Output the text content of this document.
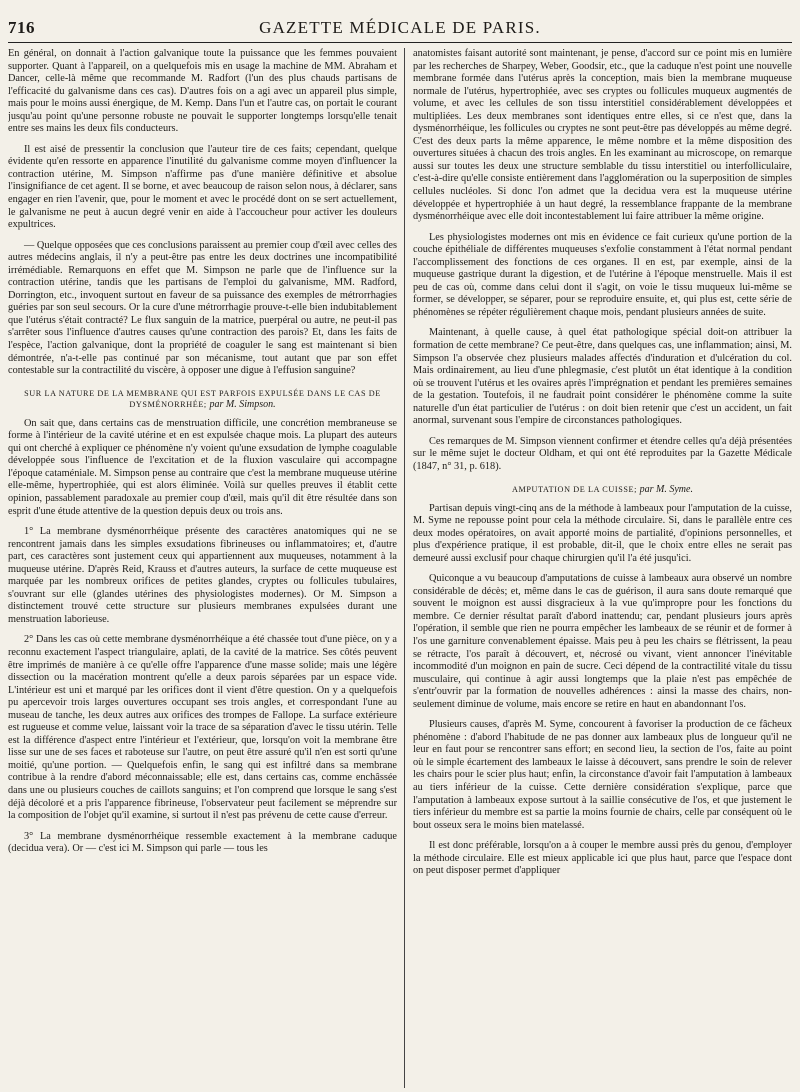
716	GAZETTE MÉDICALE DE PARIS.

En général, on donnait à l'action galvanique toute la puissance que les femmes pouvaient supporter. Quant à l'appareil, on a quelquefois mis en usage la machine de MM. Abraham et Dancer, celle-là même que recommande M. Radfort (l'un des plus chauds partisans de l'efficacité du galvanisme dans ces cas). D'autres fois on a agi avec un appareil plus simple, mais pour le moins aussi énergique, de M. Kemp. Dans l'un et l'autre cas, on portait le courant jusqu'au point qu'une personne robuste ne pouvait le supporter longtemps lorsqu'elle tenait entre ses mains les deux fils conducteurs.

Il est aisé de pressentir la conclusion que l'auteur tire de ces faits; cependant, quelque évidente qu'en ressorte en apparence l'inutilité du galvanisme comme moyen d'influencer la contraction utérine, M. Simpson n'affirme pas d'une manière définitive et absolue l'insignifiance de cet agent. Il se borne, et avec beaucoup de raison selon nous, à déclarer, sans engager en rien l'avenir, que, pour le moment et avec le procédé dont on se sert actuellement, le galvanisme ne peut à aucun degré venir en aide à l'accoucheur pour activer les douleurs expultrices.

— Quelque opposées que ces conclusions paraissent au premier coup d'œil avec celles des autres médecins anglais, il n'y a peut-être pas entre les deux doctrines une incompatibilité irrémédiable. Remarquons en effet que M. Simpson ne parle que de l'influence sur la contraction utérine, tandis que les partisans de l'emploi du galvanisme, MM. Radford, Dorrington, etc., invoquent surtout en faveur de sa puissance des exemples de métrorrhagies guéries par son seul secours. Or la cure d'une métrorrhagie prouve-t-elle bien indubitablement que l'utérus s'était contracté? Le flux sanguin de la matrice, puerpéral ou autre, ne peut-il pas s'arrêter sous l'influence d'autres causes qu'une contraction des parois? Et, dans les faits de l'espèce, l'action galvanique, dont la propriété de coaguler le sang est maintenant si bien démontrée, n'a-t-elle pas continué par son mécanisme, tout autant que par son effet contestable sur la contractilité du viscère, à opposer une digue à l'effusion sanguine?

SUR LA NATURE DE LA MEMBRANE QUI EST PARFOIS EXPULSÉE DANS LE CAS DE DYSMÉNORRHÉE; par M. Simpson.

On sait que, dans certains cas de menstruation difficile, une concrétion membraneuse se forme à l'intérieur de la cavité utérine et en est expulsée chaque mois. La plupart des auteurs qui ont cherché à expliquer ce phénomène n'y voient qu'une exsudation de lymphe coagulable développée sous l'influence de l'excitation et de la fluxion vasculaire qui accompagne l'époque cataméniale. M. Simpson pense au contraire que c'est la membrane muqueuse utérine elle-même, hypertrophiée, qui est alors éliminée. Voilà sur quelles preuves il établit cette opinion, passablement paradoxale au premier coup d'œil, mais qu'il dit être résultée dans son esprit d'une étude attentive de la question depuis deux ou trois ans.

1° La membrane dysménorrhéique présente des caractères anatomiques qui ne se rencontrent jamais dans les simples exsudations fibrineuses ou inflammatoires; et, d'autre part, ces caractères sont justement ceux qui appartiennent aux muqueuses, notamment à la muqueuse utérine. D'après Reid, Krauss et d'autres auteurs, la surface de cette muqueuse est marquée par les nombreux orifices de petites glandes, cryptes ou follicules tubulaires, s'ouvrant sur elle (glandes utérines des physiologistes modernes). Or M. Simpson a distinctement trouvé cette structure sur plusieurs membranes expulsées durant une menstruation laborieuse.

2° Dans les cas où cette membrane dysménorrhéique a été chassée tout d'une pièce, on y a reconnu exactement l'aspect triangulaire, aplati, de la cavité de la matrice. Ses côtés peuvent être imprimés de manière à ce qu'elle offre l'apparence d'une masse solide; mais une légère dissection ou la macération montrent qu'elle a deux parois séparées par un espace vide. L'intérieur est uni et marqué par les orifices dont il vient d'être question. On y a quelquefois pu apercevoir trois larges ouvertures occupant ses trois angles, et correspondant l'une au museau de tanche, les deux autres aux orifices des trompes de Fallope. La surface extérieure est rugueuse et comme velue, laissant voir la trace de sa séparation d'avec le tissu utérin. Telle est la différence d'aspect entre l'intérieur et l'extérieur, que, lorsqu'on voit la membrane être lisse sur une de ses faces et raboteuse sur l'autre, on peut être assuré qu'il n'en est sorti qu'une moitié, qu'une portion. — Quelquefois enfin, le sang qui est infiltré dans sa membrane contribue à la rendre d'abord méconnaissable; elle est, dans certains cas, comme enchâssée dans une ou plusieurs couches de caillots sanguins; et l'on comprend que lorsque le sang s'est déjà décoloré et a pris l'apparence fibrineuse, l'observateur peut facilement se méprendre sur la composition de l'objet qu'il examine, si surtout il n'est pas prévenu de cette cause d'erreur.

3° La membrane dysménorrhéique ressemble exactement à la membrane caduque (decidua vera). Or — c'est ici M. Simpson qui parle — tous les

anatomistes faisant autorité sont maintenant, je pense, d'accord sur ce point mis en lumière par les recherches de Sharpey, Weber, Goodsir, etc., que la caduque n'est point une nouvelle membrane formée dans l'utérus après la conception, mais bien la membrane muqueuse normale de l'utérus, hypertrophiée, avec ses cryptes ou follicules muqueux augmentés de volume, et avec les cellules de son tissu interstitiel considérablement développées et multipliées. Les deux membranes sont identiques entre elles, si ce n'est que, dans la dysménorrhéique, les follicules ou cryptes ne sont peut-être pas développés au même degré. C'est des deux parts la même apparence, le même nombre et la même disposition des ouvertures situées à chacun des trois angles. En les examinant au microscope, on remarque aussi sur toutes les deux une structure semblable du tissu interstitiel ou interfolliculaire, c'est-à-dire qu'elle consiste entièrement dans l'agglomération ou la superposition de simples cellules nucléoles. Si donc l'on admet que la decidua vera est la muqueuse utérine développée et hypertrophiée à un haut degré, la ressemblance frappante de la membrane dysménorrhéique avec elle doit incontestablement lui faire attribuer la même origine.

Les physiologistes modernes ont mis en évidence ce fait curieux qu'une portion de la couche épithéliale de différentes muqueuses s'exfolie constamment à l'état normal pendant l'accomplissement des fonctions de ces organes. Il en est, par exemple, ainsi de la muqueuse gastrique durant la digestion, et de l'utérine à l'époque menstruelle. Mais il est peu de cas où, comme dans celui dont il s'agit, on voie le tissu muqueux lui-même se former, se développer, se séparer, pour se reproduire ensuite, et, qui plus est, cette série de phénomènes se répéter régulièrement chaque mois, pendant plusieurs années de suite.

Maintenant, à quelle cause, à quel état pathologique spécial doit-on attribuer la formation de cette membrane? Ce peut-être, dans quelques cas, une inflammation; ainsi, M. Simpson l'a observée chez plusieurs malades affectés d'induration et d'ulcération du col. Mais ordinairement, au lieu d'une phlegmasie, c'est plutôt un état identique à la condition où se trouvent l'utérus et les ovaires après l'imprégnation et pendant les premières semaines de la gestation. Toutefois, il ne faudrait point considérer le phénomène comme la suite naturelle d'un état particulier de l'utérus : on doit bien retenir que c'est un accident, un fait anormal, survenant sous l'empire de circonstances pathologiques.

Ces remarques de M. Simpson viennent confirmer et étendre celles qu'a déjà présentées sur le même sujet le docteur Oldham, et qui ont été reproduites par la Gazette Médicale (1847, n° 31, p. 618).

AMPUTATION DE LA CUISSE; par M. Syme.

Partisan depuis vingt-cinq ans de la méthode à lambeaux pour l'amputation de la cuisse, M. Syme ne repousse point pour cela la méthode circulaire. Si, dans le parallèle entre ces deux modes opératoires, on avait apporté moins de partialité, d'opinions personnelles, et plus d'expérience pratique, il est probable, dit-il, que le choix entre elles ne serait pas demeuré aussi exclusif pour chaque chirurgien qu'il l'a été jusqu'ici.

Quiconque a vu beaucoup d'amputations de cuisse à lambeaux aura observé un nombre considérable de décès; et, même dans le cas de guérison, il aura sans doute remarqué que souvent le moignon est aussi disgracieux à la vue qu'impropre pour les fonctions du membre. Ce dernier résultat paraît d'abord inattendu; car, pendant plusieurs jours après l'opération, il semble que rien ne pourra empêcher les lambeaux de se réunir et de former à l'os une garniture convenablement épaisse. Mais peu à peu les chairs se flétrissent, la peau se rétracte, l'os paraît à découvert, et, nécrosé ou vivant, vient annoncer l'inévitable incommodité d'un moignon en pain de sucre. Ceci dépend de la contractilité vitale du tissu musculaire, qui continue à agir aussi longtemps que la plaie n'est pas empêchée de s'entr'ouvrir par la formation de nouvelles adhérences : ainsi la masse des chairs, non-seulement diminue de volume, mais encore se retire en haut en abandonnant l'os.

Plusieurs causes, d'après M. Syme, concourent à favoriser la production de ce fâcheux phénomène : d'abord l'habitude de ne pas donner aux lambeaux plus de longueur qu'il ne leur en faut pour se rencontrer sans effort; en second lieu, la section de l'os, faite au point où le simple écartement des lambeaux le laisse à découvert, sans prendre le soin de relever les chairs pour le scier plus haut; enfin, la circonstance d'avoir fait l'amputation à lambeaux au tiers inférieur de la cuisse. Cette dernière considération s'explique, parce que l'amputation à lambeaux expose surtout à la saillie consécutive de l'os, et que justement le tiers inférieur du membre est sa partie la moins fournie de chairs, celle par conséquent où le bout osseux sera le moins bien matelassé.

Il est donc préférable, lorsqu'on a à couper le membre aussi près du genou, d'employer la méthode circulaire. Elle est mieux applicable ici que plus haut, parce que l'espace dont on peut disposer permet d'appliquer
